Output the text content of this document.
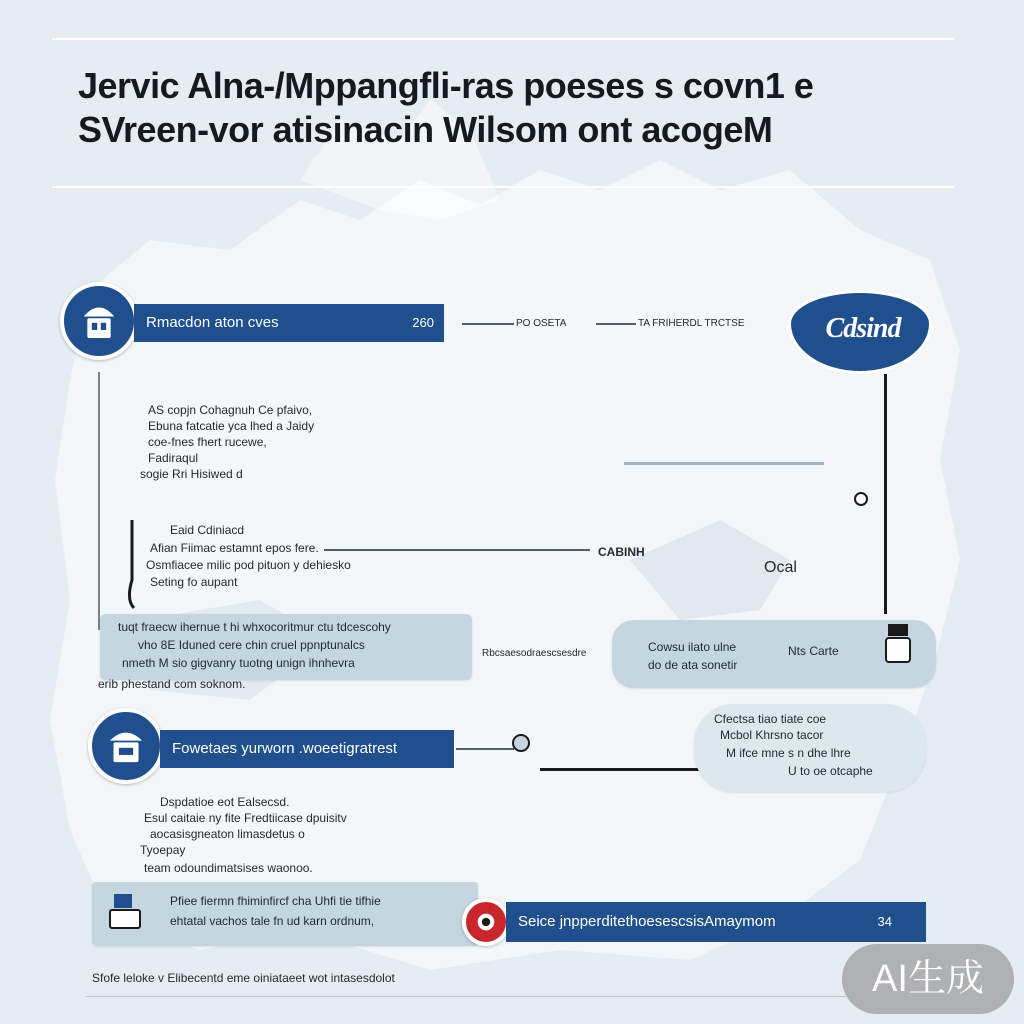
Jervic Alna-/Mppangfli-ras poeses s covn1 e
SVreen-vor atisinacin Wilsom ont acogeM
Rmacdon aton cves	260	PO OSETA	TA FRIHERDL TRCTSE	Cdsind
AS copjn Cohagnuh Ce pfaivo,
Ebuna fatcatie yca lhed a Jaidy
coe-fnes fhert rucewe,
Fadiraqul
sogie Rri Hisiwed d
Eaid Cdiniacd
Afian Fiimac estamnt epos fere.
Osmfiacee milic pod pituon y dehiesko
Seting fo aupant
CABINH
Ocal
tuqt fraecw ihernue t hi whxocoritmur ctu tdcescohy
vho 8E Iduned cere chin cruel ppnptunalcs
nmeth M sio gigvanry tuotng unign ihnhevra
erib phestand com soknom.
Rbcsaesodraescsesdre	Cowsu ilato ulne
do de ata sonetir
Nts Carte
Fowetaes yurworn .woeetigratrest
Cfectsa tiao tiate coe
Mcbol Khrsno tacor
M ifce mne s n dhe lhre
U to oe otcaphe
Dspdatioe eot Ealsecsd.
Esul caitaie ny fite Fredtiicase dpuisitv
aocasisgneaton limasdetus o
Tyoepay
team odoundimatsises waonoo.
Pfiee fiermn fhiminfircf cha Uhfi tie tifhie
ehtatal vachos tale fn ud karn ordnum,	Seice jnpperditethoesescsisAmaymom	34
Sfofe leloke v Elibecentd eme oiniataeet wot intasesdolot	AI生成
